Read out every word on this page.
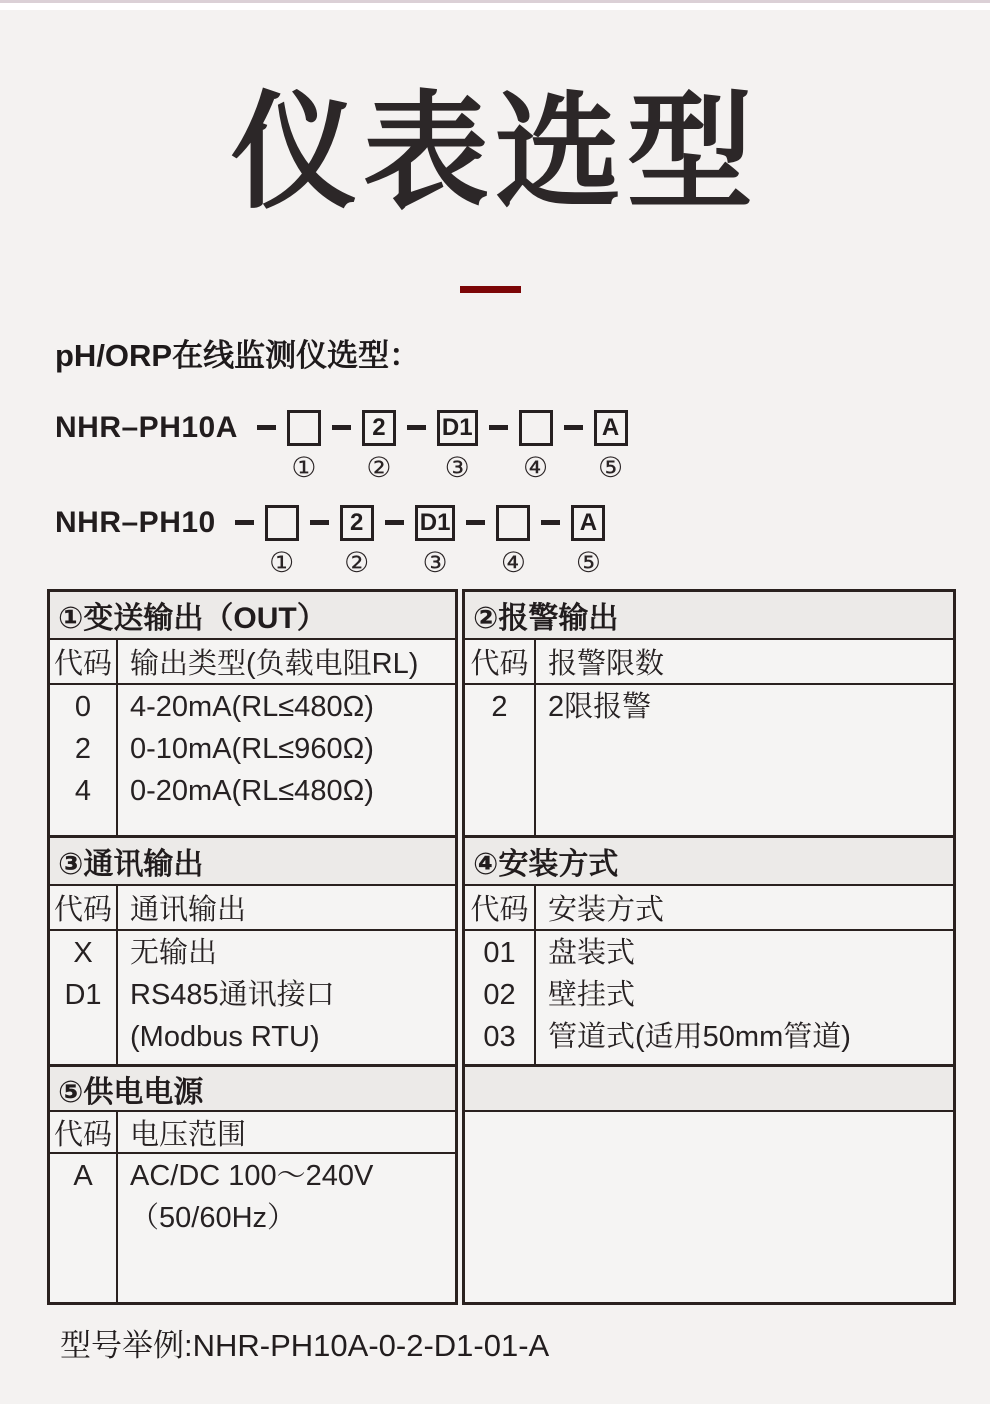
仪表选型
pH/ORP在线监测仪选型：
NHR–PH10A
①
2
②
D1
③ ④
A
⑤
NHR–PH10
①
2
②
D1
③ ④
A
⑤
①变送输出（OUT）
代码 输出类型(负载电阻RL)
0
2
4
4-20mA(RL≤480Ω)
0-10mA(RL≤960Ω)
0-20mA(RL≤480Ω)
③通讯输出
代码 通讯输出
X
D1
无输出
RS485通讯接口
(Modbus RTU)
⑤供电电源
代码 电压范围
A AC/DC 100～240V
（50/60Hz）
②报警输出
代码 报警限数
2 2限报警
④安装方式
代码 安装方式
01
02
03
盘装式
壁挂式
管道式(适用50mm管道)
型号举例:NHR-PH10A-0-2-D1-01-A
